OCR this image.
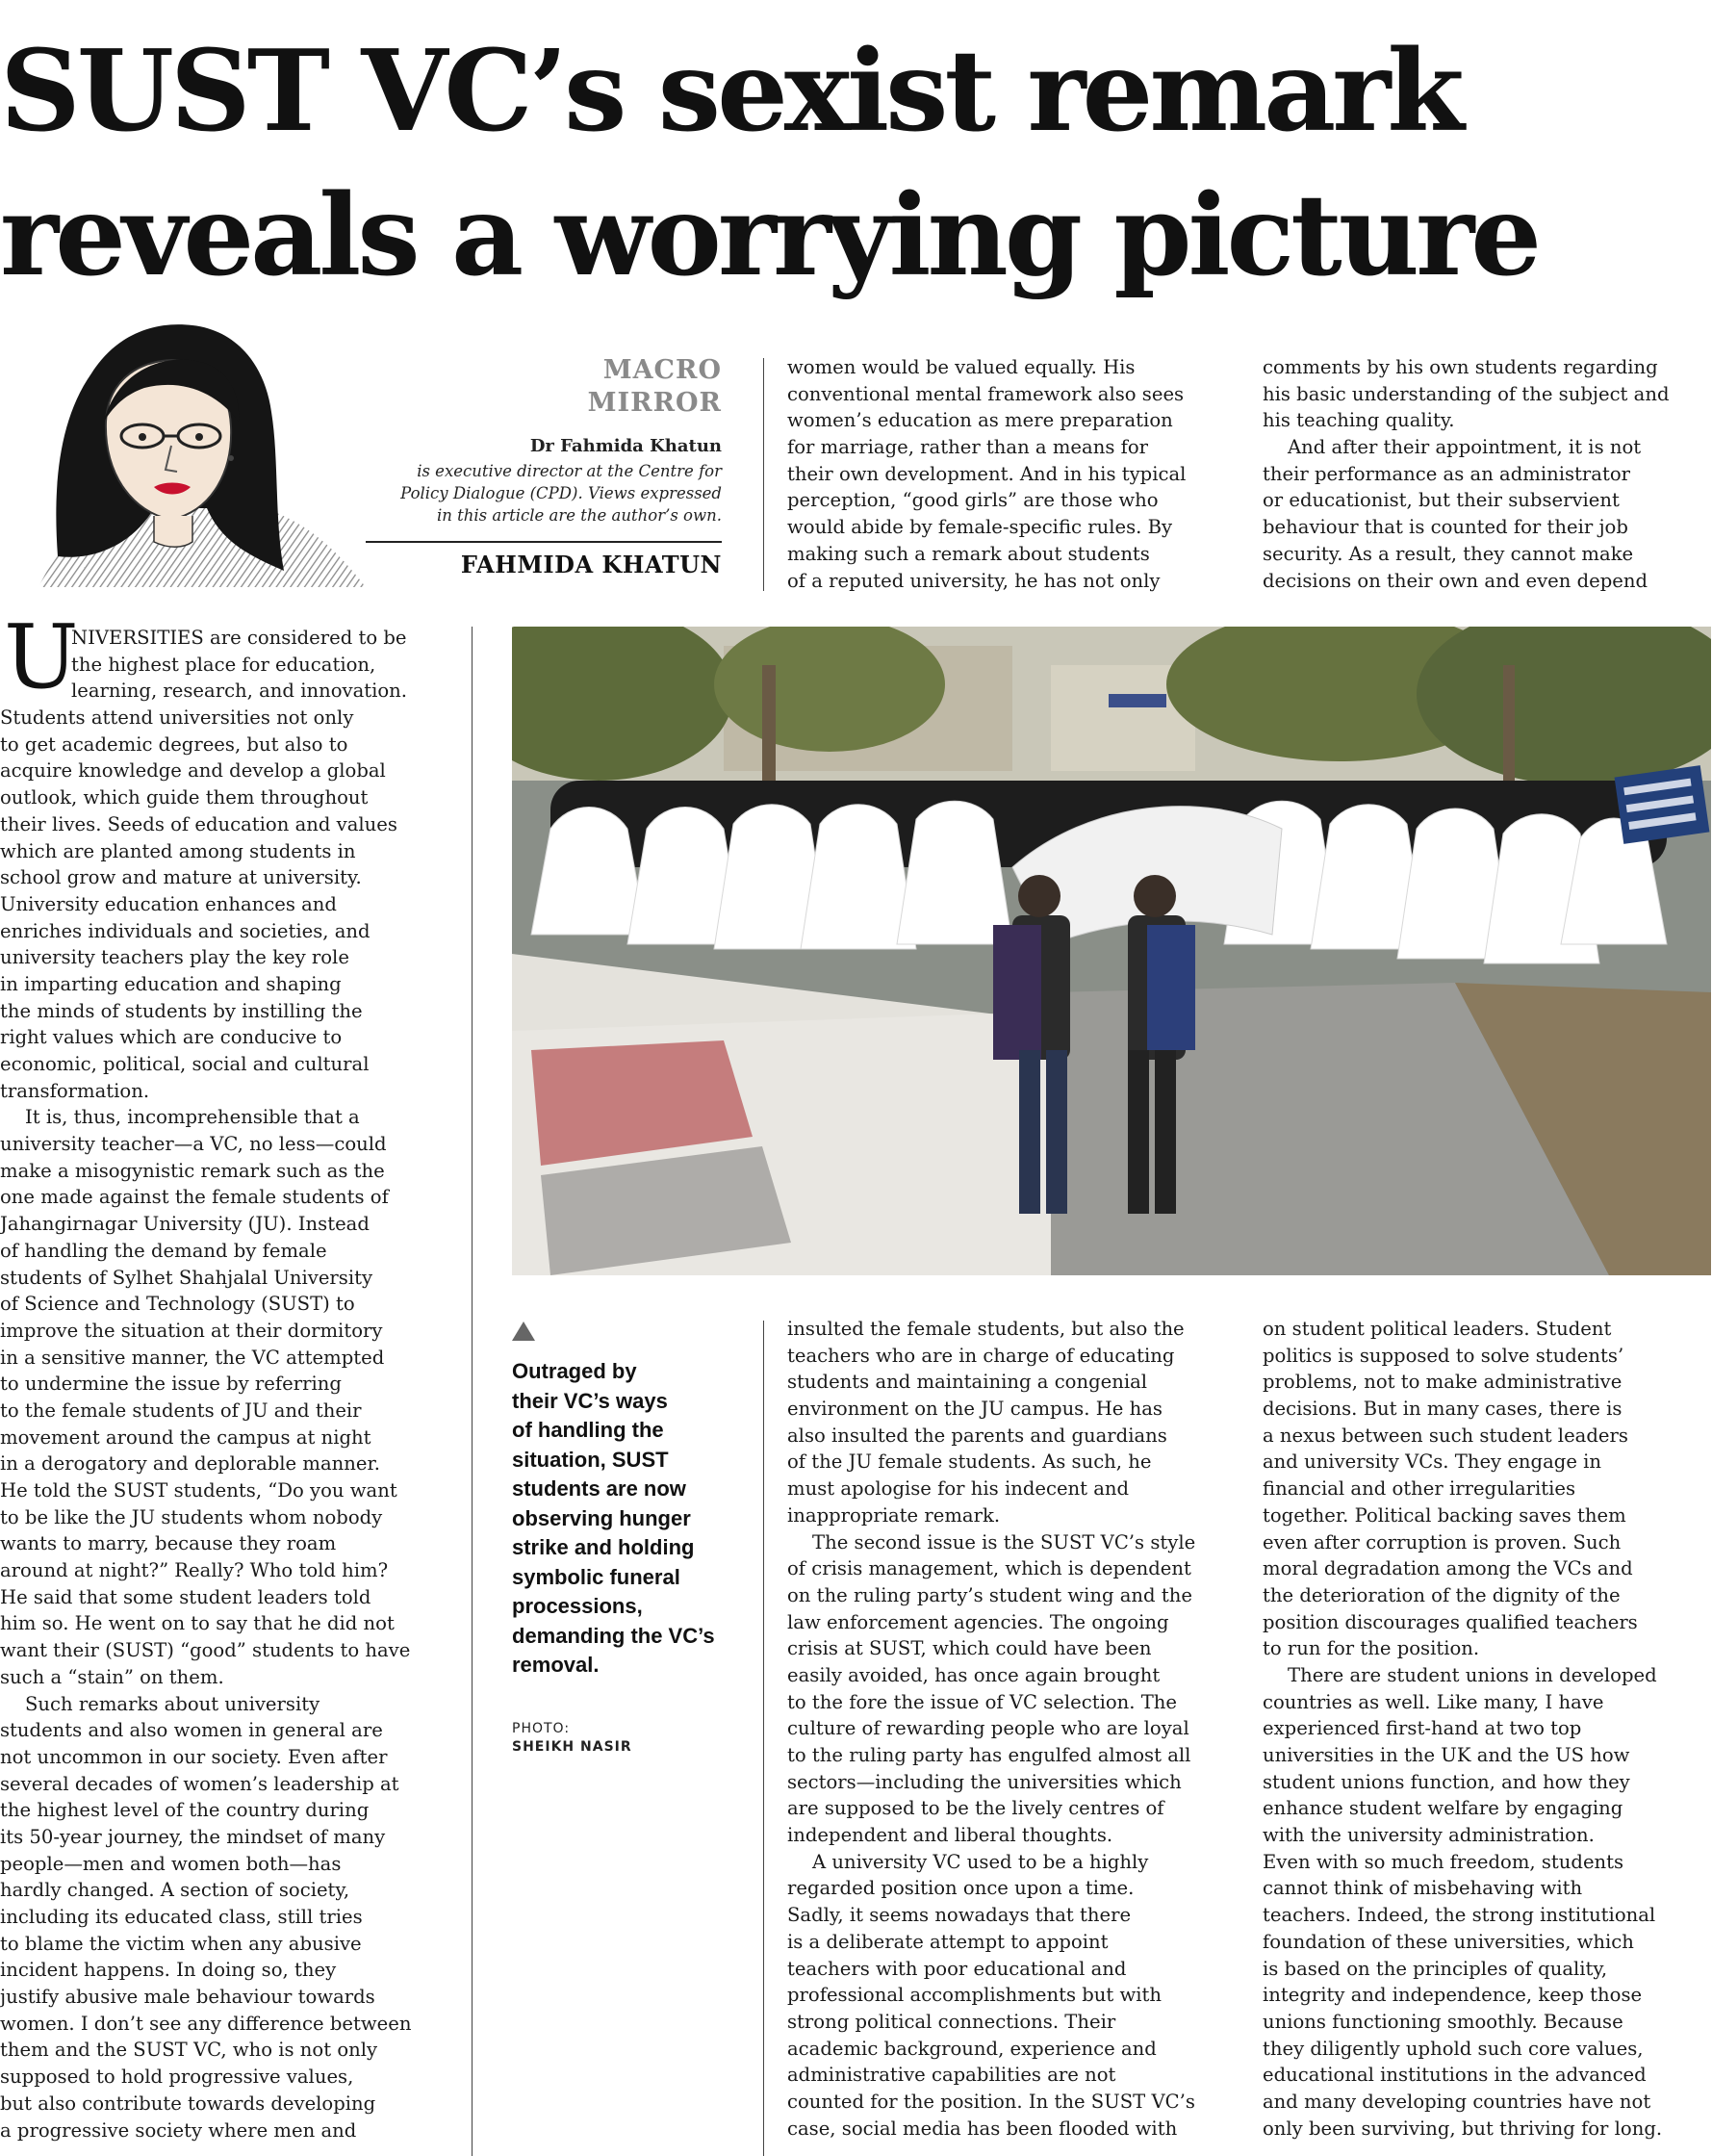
SUST VC’s sexist remark
reveals a worrying picture
MACRO
MIRROR
Dr Fahmida Khatun
is executive director at the Centre for
Policy Dialogue (CPD). Views expressed
in this article are the author’s own.
FAHMIDA KHATUN
women would be valued equally. His
conventional mental framework also sees
women’s education as mere preparation
for marriage, rather than a means for
their own development. And in his typical
perception, “good girls” are those who
would abide by female-specific rules. By
making such a remark about students
of a reputed university, he has not only
comments by his own students regarding
his basic understanding of the subject and
his teaching quality.
And after their appointment, it is not
their performance as an administrator
or educationist, but their subservient
behaviour that is counted for their job
security. As a result, they cannot make
decisions on their own and even depend
U
NIVERSITIES are considered to be
the highest place for education,
learning, research, and innovation.
Students attend universities not only
to get academic degrees, but also to
acquire knowledge and develop a global
outlook, which guide them throughout
their lives. Seeds of education and values
which are planted among students in
school grow and mature at university.
University education enhances and
enriches individuals and societies, and
university teachers play the key role
in imparting education and shaping
the minds of students by instilling the
right values which are conducive to
economic, political, social and cultural
transformation.
It is, thus, incomprehensible that a
university teacher—a VC, no less—could
make a misogynistic remark such as the
one made against the female students of
Jahangirnagar University (JU). Instead
of handling the demand by female
students of Sylhet Shahjalal University
of Science and Technology (SUST) to
improve the situation at their dormitory
in a sensitive manner, the VC attempted
to undermine the issue by referring
to the female students of JU and their
movement around the campus at night
in a derogatory and deplorable manner.
He told the SUST students, “Do you want
to be like the JU students whom nobody
wants to marry, because they roam
around at night?” Really? Who told him?
He said that some student leaders told
him so. He went on to say that he did not
want their (SUST) “good” students to have
such a “stain” on them.
Such remarks about university
students and also women in general are
not uncommon in our society. Even after
several decades of women’s leadership at
the highest level of the country during
its 50-year journey, the mindset of many
people—men and women both—has
hardly changed. A section of society,
including its educated class, still tries
to blame the victim when any abusive
incident happens. In doing so, they
justify abusive male behaviour towards
women. I don’t see any difference between
them and the SUST VC, who is not only
supposed to hold progressive values,
but also contribute towards developing
a progressive society where men and
Outraged by
their VC’s ways
of handling the
situation, SUST
students are now
observing hunger
strike and holding
symbolic funeral
processions,
demanding the VC’s
removal.
PHOTO:
SHEIKH NASIR
insulted the female students, but also the
teachers who are in charge of educating
students and maintaining a congenial
environment on the JU campus. He has
also insulted the parents and guardians
of the JU female students. As such, he
must apologise for his indecent and
inappropriate remark.
The second issue is the SUST VC’s style
of crisis management, which is dependent
on the ruling party’s student wing and the
law enforcement agencies. The ongoing
crisis at SUST, which could have been
easily avoided, has once again brought
to the fore the issue of VC selection. The
culture of rewarding people who are loyal
to the ruling party has engulfed almost all
sectors—including the universities which
are supposed to be the lively centres of
independent and liberal thoughts.
A university VC used to be a highly
regarded position once upon a time.
Sadly, it seems nowadays that there
is a deliberate attempt to appoint
teachers with poor educational and
professional accomplishments but with
strong political connections. Their
academic background, experience and
administrative capabilities are not
counted for the position. In the SUST VC’s
case, social media has been flooded with
on student political leaders. Student
politics is supposed to solve students’
problems, not to make administrative
decisions. But in many cases, there is
a nexus between such student leaders
and university VCs. They engage in
financial and other irregularities
together. Political backing saves them
even after corruption is proven. Such
moral degradation among the VCs and
the deterioration of the dignity of the
position discourages qualified teachers
to run for the position.
There are student unions in developed
countries as well. Like many, I have
experienced first-hand at two top
universities in the UK and the US how
student unions function, and how they
enhance student welfare by engaging
with the university administration.
Even with so much freedom, students
cannot think of misbehaving with
teachers. Indeed, the strong institutional
foundation of these universities, which
is based on the principles of quality,
integrity and independence, keep those
unions functioning smoothly. Because
they diligently uphold such core values,
educational institutions in the advanced
and many developing countries have not
only been surviving, but thriving for long.
